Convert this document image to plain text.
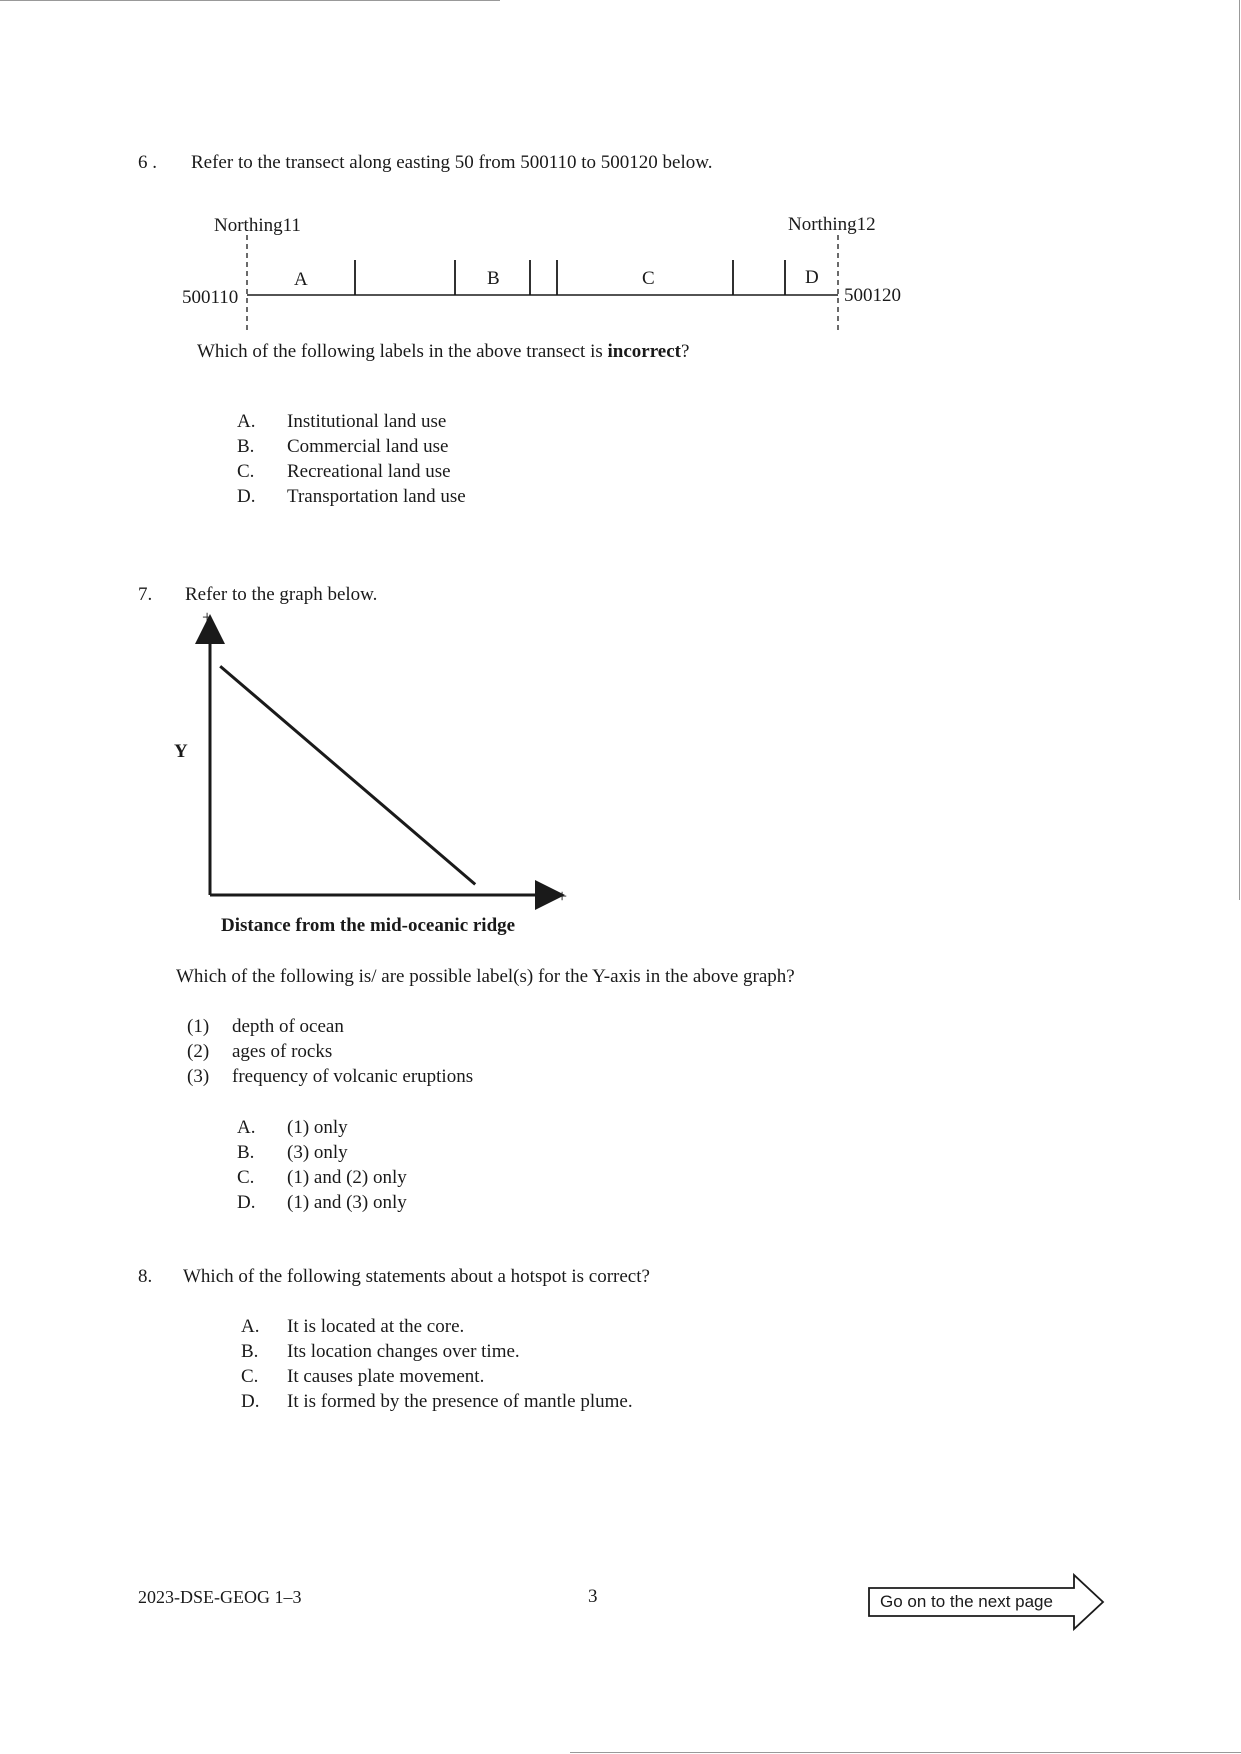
6 . Refer to the transect along easting 50 from 500110 to 500120 below.
Northing11	Northing12
500110	500120
A	B	C	D
Which of the following labels in the above transect is incorrect?
A. Institutional land use
B. Commercial land use
C. Recreational land use
D. Transportation land use
7. Refer to the graph below.
+
+
Y
Distance from the mid-oceanic ridge
Which of the following is/ are possible label(s) for the Y-axis in the above graph?
(1) depth of ocean
(2) ages of rocks
(3) frequency of volcanic eruptions
A. (1) only
B. (3) only
C. (1) and (2) only
D. (1) and (3) only
8. Which of the following statements about a hotspot is correct?
A. It is located at the core.
B. Its location changes over time.
C. It causes plate movement.
D. It is formed by the presence of mantle plume.
2023-DSE-GEOG 1–3	3	Go on to the next page
